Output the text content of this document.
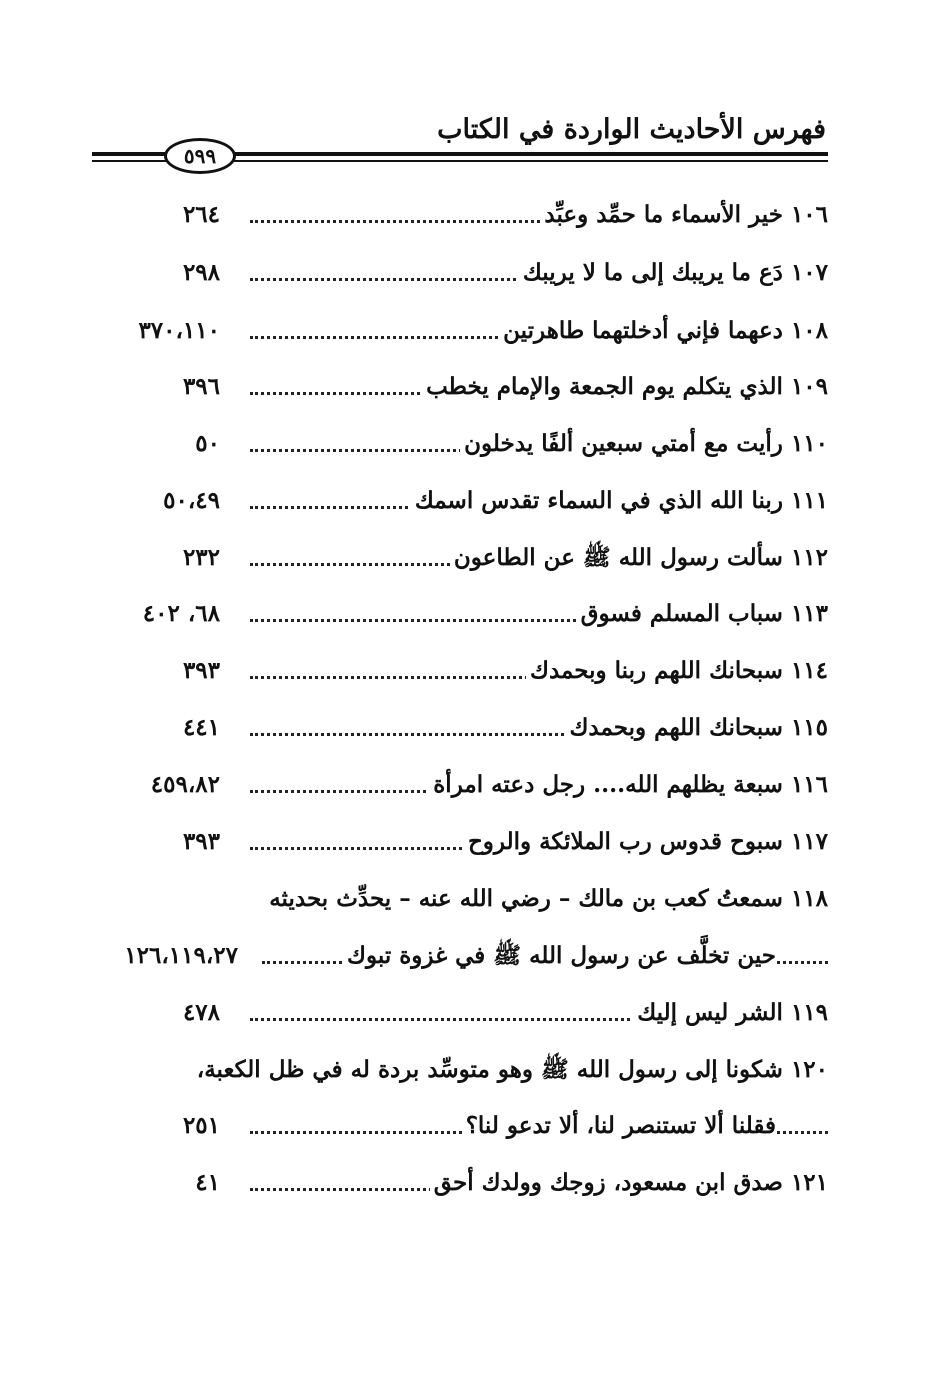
فهرس الأحاديث الواردة في الكتاب
٥٩٩
١٠٦ خير الأسماء ما حمِّد وعبِّد
٢٦٤
١٠٧ دَع ما يريبك إلى ما لا يريبك
٢٩٨
١٠٨ دعهما فإني أدخلتهما طاهرتين
٣٧٠،١١٠
١٠٩ الذي يتكلم يوم الجمعة والإمام يخطب
٣٩٦
١١٠ رأيت مع أمتي سبعين ألفًا يدخلون
٥٠
١١١ ربنا الله الذي في السماء تقدس اسمك
٥٠،٤٩
١١٢ سألت رسول الله ﷺ عن الطاعون
٢٣٢
١١٣ سباب المسلم فسوق
٦٨، ٤٠٢
١١٤ سبحانك اللهم ربنا وبحمدك
٣٩٣
١١٥ سبحانك اللهم وبحمدك
٤٤١
١١٦ سبعة يظلهم الله.... رجل دعته امرأة
٤٥٩،٨٢
١١٧ سبوح قدوس رب الملائكة والروح
٣٩٣
١١٨ سمعتُ كعب بن مالك – رضي الله عنه – يحدِّث بحديثه
حين تخلَّف عن رسول الله ﷺ في غزوة تبوك
١٢٦،١١٩،٢٧
١١٩ الشر ليس إليك
٤٧٨
١٢٠ شكونا إلى رسول الله ﷺ وهو متوسِّد بردة له في ظل الكعبة،
فقلنا ألا تستنصر لنا، ألا تدعو لنا؟
٢٥١
١٢١ صدق ابن مسعود، زوجك وولدك أحق
٤١
